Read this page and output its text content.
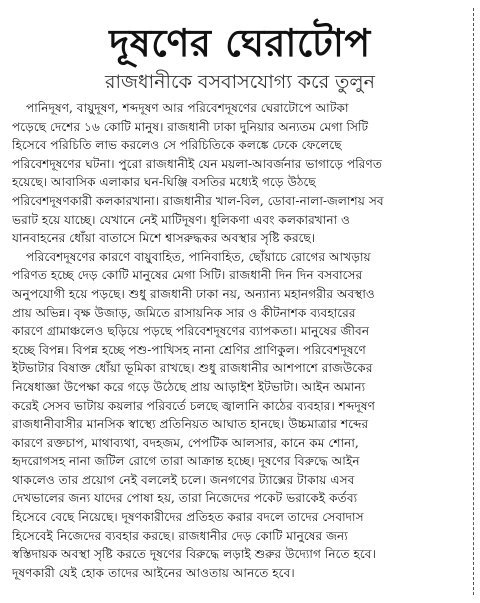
দূষণের ঘেরাটোপ
রাজধানীকে বসবাসযোগ্য করে তুলুন
পানিদূষণ, বায়ুদূষণ, শব্দদূষণ আর পরিবেশদূষণের ঘেরাটোপে আটকা
পড়েছে দেশের ১৬ কোটি মানুষ। রাজধানী ঢাকা দুনিয়ার অন্যতম মেগা সিটি
হিসেবে পরিচিতি লাভ করলেও সে পরিচিতিকে কলঙ্কে ঢেকে ফেলেছে
পরিবেশদূষণের ঘটনা। পুরো রাজধানীই যেন ময়লা-আবর্জনার ভাগাড়ে পরিণত
হয়েছে। আবাসিক এলাকার ঘন-ঘিঞ্জি বসতির মধ্যেই গড়ে উঠছে
পরিবেশদূষণকারী কলকারখানা। রাজধানীর খাল-বিল, ডোবা-নালা-জলাশয় সব
ভরাট হয়ে যাচ্ছে। যেখানে নেই মাটিদূষণ। ধূলিকণা এবং কলকারখানা ও
যানবাহনের ধোঁয়া বাতাসে মিশে শ্বাসরুদ্ধকর অবস্থার সৃষ্টি করছে।
পরিবেশদূষণের কারণে বায়ুবাহিত, পানিবাহিত, ছোঁয়াচে রোগের আখড়ায়
পরিণত হচ্ছে দেড় কোটি মানুষের মেগা সিটি। রাজধানী দিন দিন বসবাসের
অনুপযোগী হয়ে পড়ছে। শুধু রাজধানী ঢাকা নয়, অন্যান্য মহানগরীর অবস্থাও
প্রায় অভিন্ন। বৃক্ষ উজাড়, জমিতে রাসায়নিক সার ও কীটনাশক ব্যবহারের
কারণে গ্রামাঞ্চলেও ছড়িয়ে পড়ছে পরিবেশদূষণের ব্যাপকতা। মানুষের জীবন
হচ্ছে বিপন্ন। বিপন্ন হচ্ছে পশু-পাখিসহ নানা শ্রেণির প্রাণিকুল। পরিবেশদূষণে
ইটভাটার বিষাক্ত ধোঁয়া ভূমিকা রাখছে। শুধু রাজধানীর আশপাশে রাজউকের
নিষেধাজ্ঞা উপেক্ষা করে গড়ে উঠেছে প্রায় আড়াইশ ইটভাটা। আইন অমান্য
করেই সেসব ভাটায় কয়লার পরিবর্তে চলছে জ্বালানি কাঠের ব্যবহার। শব্দদূষণ
রাজধানীবাসীর মানসিক স্বাস্থ্যে প্রতিনিয়ত আঘাত হানছে। উচ্চমাত্রার শব্দের
কারণে রক্তচাপ, মাথাব্যথা, বদহজম, পেপটিক আলসার, কানে কম শোনা,
হৃদরোগসহ নানা জটিল রোগে তারা আক্রান্ত হচ্ছে। দূষণের বিরুদ্ধে আইন
থাকলেও তার প্রয়োগ নেই বললেই চলে। জনগণের ট্যাক্সের টাকায় এসব
দেখভালের জন্য যাদের পোষা হয়, তারা নিজেদের পকেট ভরাকেই কর্তব্য
হিসেবে বেছে নিয়েছে। দূষণকারীদের প্রতিহত করার বদলে তাদের সেবাদাস
হিসেবেই নিজেদের ব্যবহার করছে। রাজধানীর দেড় কোটি মানুষের জন্য
স্বস্তিদায়ক অবস্থা সৃষ্টি করতে দূষণের বিরুদ্ধে লড়াই শুরুর উদ্যোগ নিতে হবে।
দূষণকারী যেই হোক তাদের আইনের আওতায় আনতে হবে।
